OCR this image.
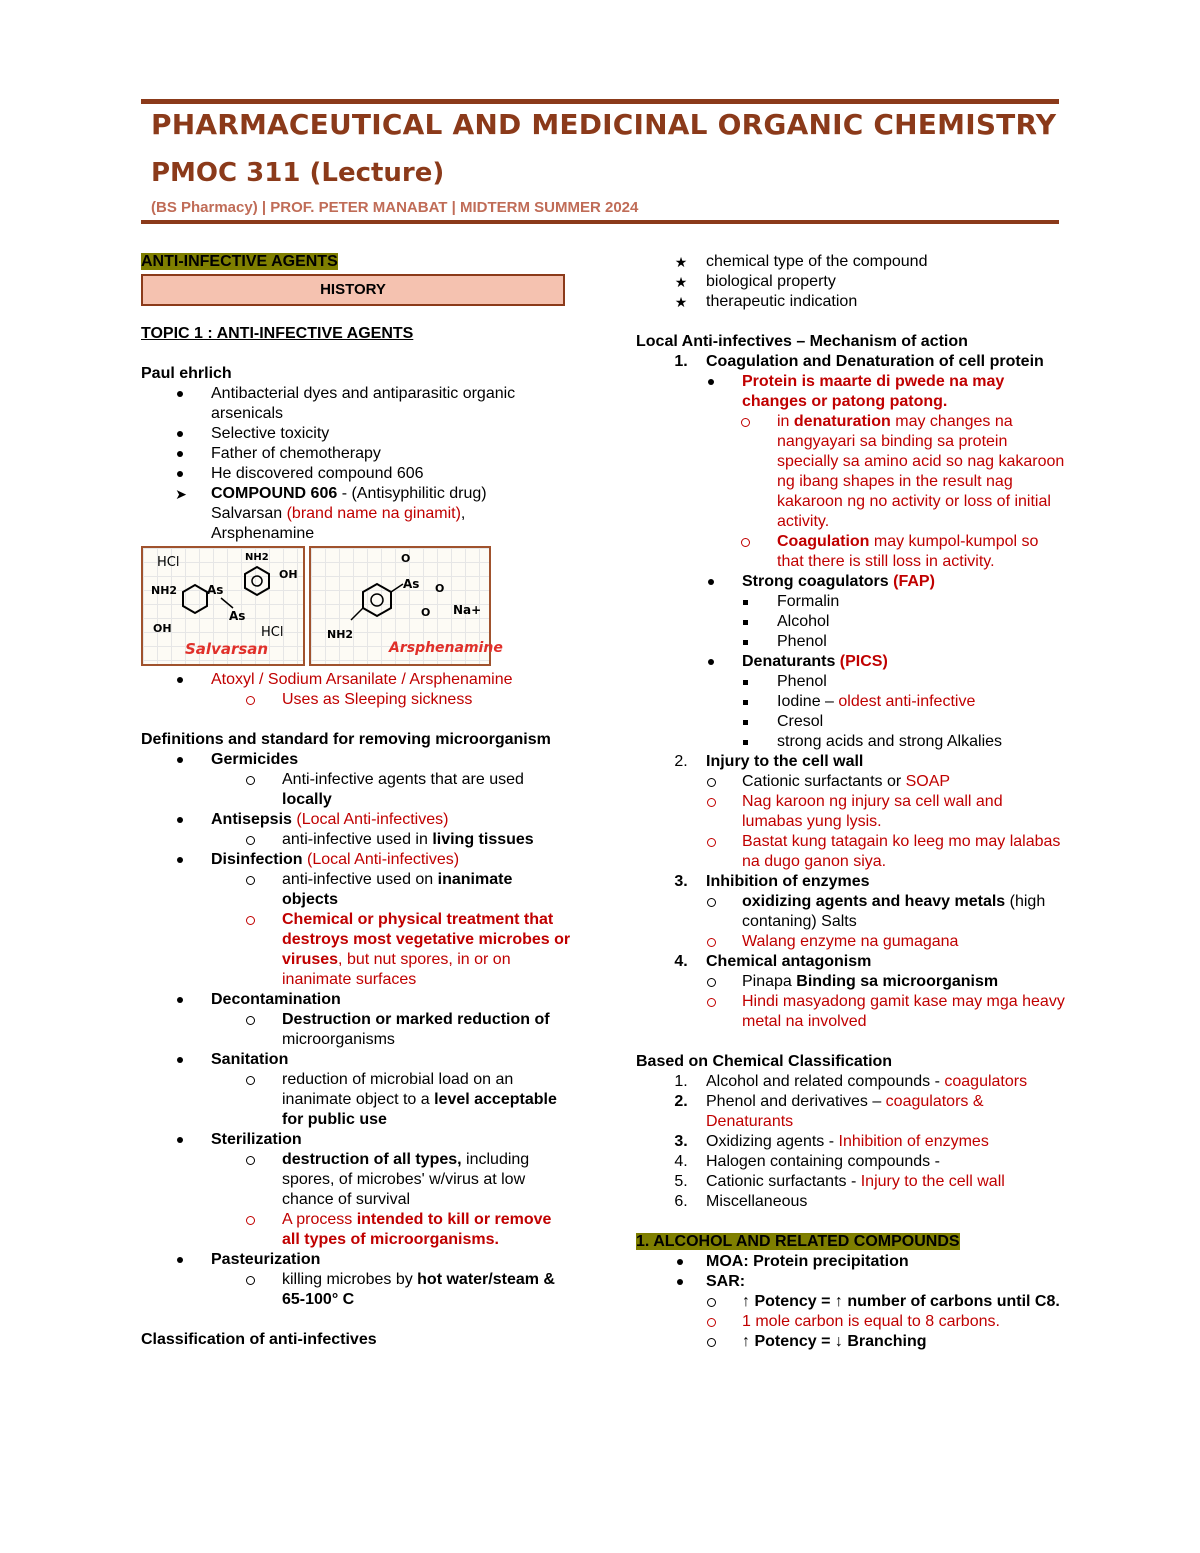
PHARMACEUTICAL AND MEDICINAL ORGANIC CHEMISTRY
PMOC 311 (Lecture)
(BS Pharmacy) | PROF. PETER MANABAT | MIDTERM SUMMER 2024

ANTI-INFECTIVE AGENTS

HISTORY

TOPIC 1 : ANTI-INFECTIVE AGENTS

Paul ehrlich

Antibacterial dyes and antiparasitic organic arsenicals
Selective toxicity
Father of chemotherapy
He discovered compound 606
➤ COMPOUND 606 - (Antisyphilitic drug)
Salvarsan (brand name na ginamit),
Arsphenamine
HCl	NH2
OH
NH2 As
As
OH	HCl
Salvarsan
O
As O
O Na+
NH2
Arsphenamine
Atoxyl / Sodium Arsanilate / Arsphenamine
Uses as Sleeping sickness

Definitions and standard for removing microorganism

Germicides
Anti-infective agents that are used locally
Antisepsis (Local Anti-infectives)
anti-infective used in living tissues
Disinfection (Local Anti-infectives)
anti-infective used on inanimate objects
Chemical or physical treatment that destroys most vegetative microbes or viruses, but nut spores, in or on inanimate surfaces
Decontamination
Destruction or marked reduction of microorganisms
Sanitation
reduction of microbial load on an inanimate object to a level acceptable for public use
Sterilization
destruction of all types, including spores, of microbes' w/virus at low chance of survival
A process intended to kill or remove all types of microorganisms.
Pasteurization
killing microbes by hot water/steam & 65-100° C

Classification of anti-infectives

★ chemical type of the compound
★ biological property
★ therapeutic indication

Local Anti-infectives – Mechanism of action

1. Coagulation and Denaturation of cell protein
Protein is maarte di pwede na may changes or patong patong.
in denaturation may changes na nangyayari sa binding sa protein specially sa amino acid so nag kakaroon ng ibang shapes in the result nag kakaroon ng no activity or loss of initial activity.
Coagulation may kumpol-kumpol so that there is still loss in activity.
Strong coagulators (FAP)
Formalin
Alcohol
Phenol
Denaturants (PICS)
Phenol
Iodine – oldest anti-infective
Cresol
strong acids and strong Alkalies
2. Injury to the cell wall
Cationic surfactants or SOAP
Nag karoon ng injury sa cell wall and lumabas yung lysis.
Bastat kung tatagain ko leeg mo may lalabas na dugo ganon siya.
3. Inhibition of enzymes
oxidizing agents and heavy metals (high contaning) Salts
Walang enzyme na gumagana
4. Chemical antagonism
Pinapa Binding sa microorganism
Hindi masyadong gamit kase may mga heavy metal na involved

Based on Chemical Classification

1. Alcohol and related compounds - coagulators
2. Phenol and derivatives – coagulators & Denaturants
3. Oxidizing agents - Inhibition of enzymes
4. Halogen containing compounds -
5. Cationic surfactants - Injury to the cell wall
6. Miscellaneous

1. ALCOHOL AND RELATED COMPOUNDS

MOA: Protein precipitation
SAR:
↑ Potency = ↑ number of carbons until C8.
1 mole carbon is equal to 8 carbons.
↑ Potency = ↓ Branching
